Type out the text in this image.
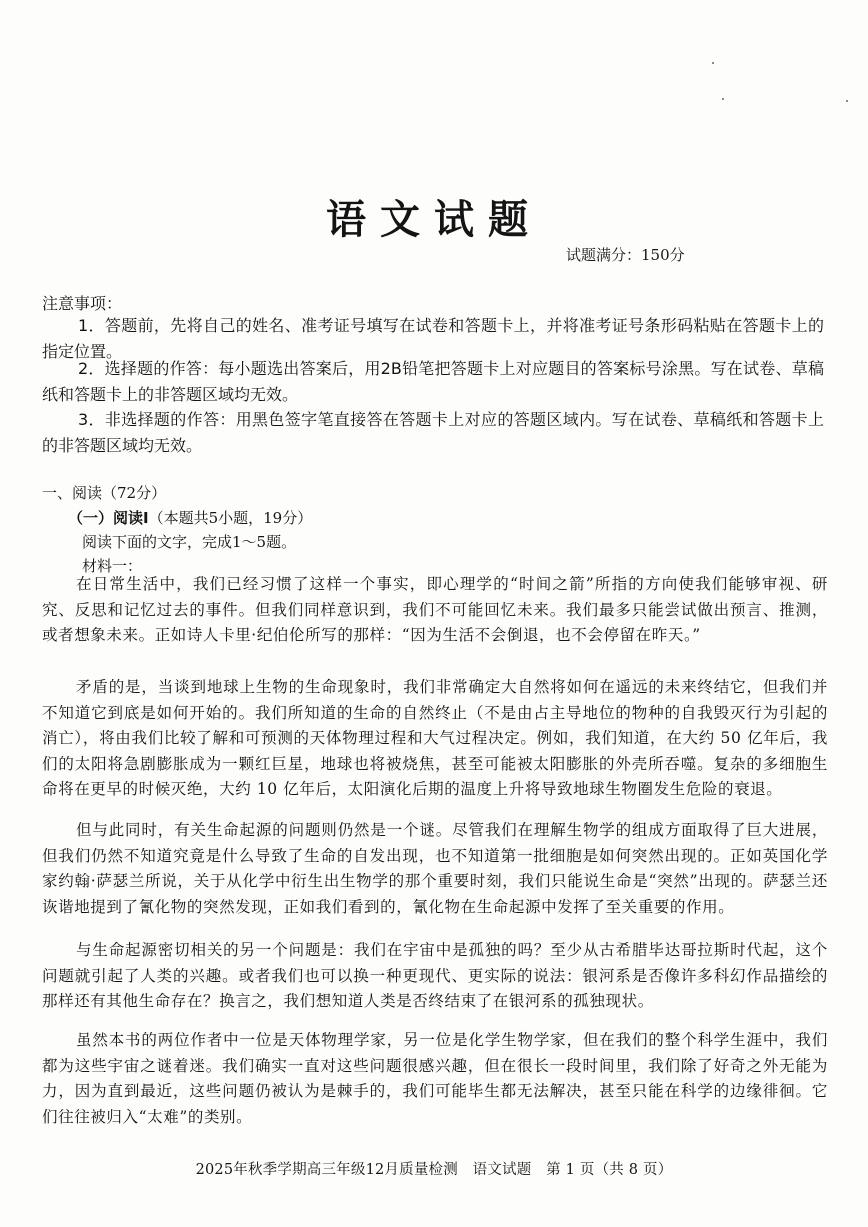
语文试题
试题满分：150分
注意事项：
1．答题前，先将自己的姓名、准考证号填写在试卷和答题卡上，并将准考证号条形码粘贴在答题卡上的指定位置。
2．选择题的作答：每小题选出答案后，用2B铅笔把答题卡上对应题目的答案标号涂黑。写在试卷、草稿纸和答题卡上的非答题区域均无效。
3．非选择题的作答：用黑色签字笔直接答在答题卡上对应的答题区域内。写在试卷、草稿纸和答题卡上的非答题区域均无效。
一、阅读（72分）
（一）阅读Ⅰ（本题共5小题，19分）
阅读下面的文字，完成1～5题。
材料一：
在日常生活中，我们已经习惯了这样一个事实，即心理学的“时间之箭”所指的方向使我们能够审视、研究、反思和记忆过去的事件。但我们同样意识到，我们不可能回忆未来。我们最多只能尝试做出预言、推测，或者想象未来。正如诗人卡里·纪伯伦所写的那样：“因为生活不会倒退，也不会停留在昨天。”
矛盾的是，当谈到地球上生物的生命现象时，我们非常确定大自然将如何在遥远的未来终结它，但我们并不知道它到底是如何开始的。我们所知道的生命的自然终止（不是由占主导地位的物种的自我毁灭行为引起的消亡），将由我们比较了解和可预测的天体物理过程和大气过程决定。例如，我们知道，在大约 50 亿年后，我们的太阳将急剧膨胀成为一颗红巨星，地球也将被烧焦，甚至可能被太阳膨胀的外壳所吞噬。复杂的多细胞生命将在更早的时候灭绝，大约 10 亿年后，太阳演化后期的温度上升将导致地球生物圈发生危险的衰退。
但与此同时，有关生命起源的问题则仍然是一个谜。尽管我们在理解生物学的组成方面取得了巨大进展，但我们仍然不知道究竟是什么导致了生命的自发出现，也不知道第一批细胞是如何突然出现的。正如英国化学家约翰·萨瑟兰所说，关于从化学中衍生出生物学的那个重要时刻，我们只能说生命是“突然”出现的。萨瑟兰还诙谐地提到了氰化物的突然发现，正如我们看到的，氰化物在生命起源中发挥了至关重要的作用。
与生命起源密切相关的另一个问题是：我们在宇宙中是孤独的吗？至少从古希腊毕达哥拉斯时代起，这个问题就引起了人类的兴趣。或者我们也可以换一种更现代、更实际的说法：银河系是否像许多科幻作品描绘的那样还有其他生命存在？换言之，我们想知道人类是否终结束了在银河系的孤独现状。
虽然本书的两位作者中一位是天体物理学家，另一位是化学生物学家，但在我们的整个科学生涯中，我们都为这些宇宙之谜着迷。我们确实一直对这些问题很感兴趣，但在很长一段时间里，我们除了好奇之外无能为力，因为直到最近，这些问题仍被认为是棘手的，我们可能毕生都无法解决，甚至只能在科学的边缘徘徊。它们往往被归入“太难”的类别。
2025年秋季学期高三年级12月质量检测　语文试题　第 1 页（共 8 页）
